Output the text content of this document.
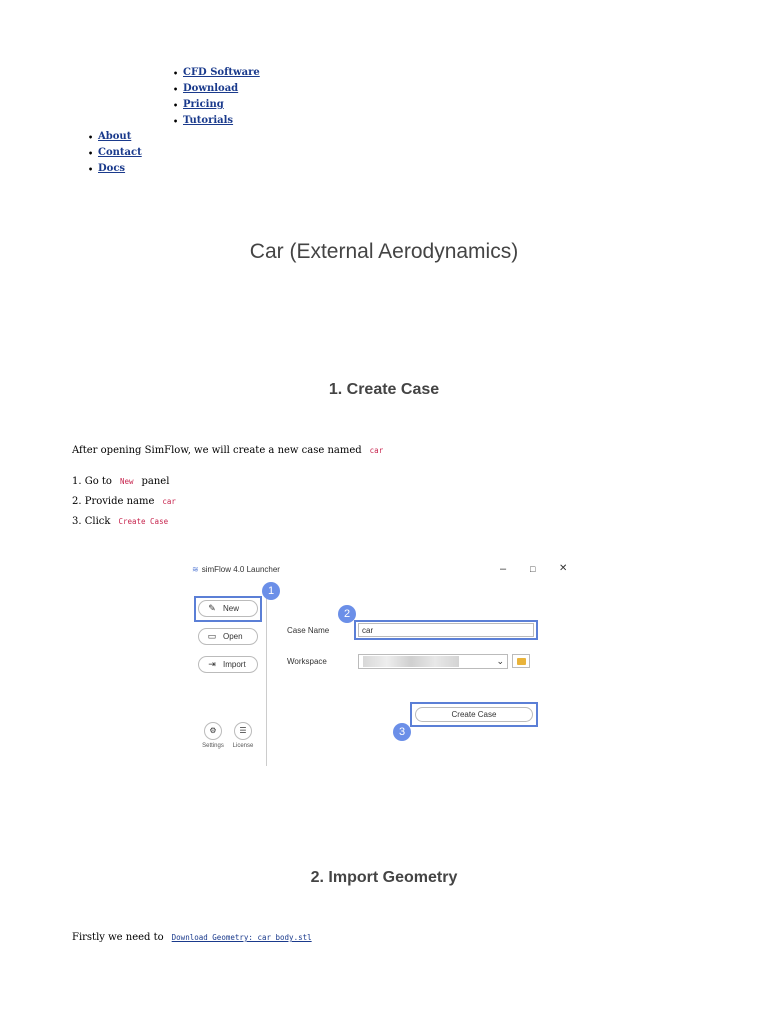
• CFD Software
• Download
• Pricing
• Tutorials
• About
• Contact
• Docs
Car (External Aerodynamics)
1. Create Case
After opening SimFlow, we will create a new case named car
1. Go to New panel
2. Provide name car
3. Click Create Case
≋ simFlow 4.0 Launcher	–	□ ✕
✎ New
1
▭ Open
⇥ Import
⚙	☰
Settings	License
Case Name	car
2
Workspace	⌄
Create Case
3
2. Import Geometry
Firstly we need to Download Geometry: car_body.stl
